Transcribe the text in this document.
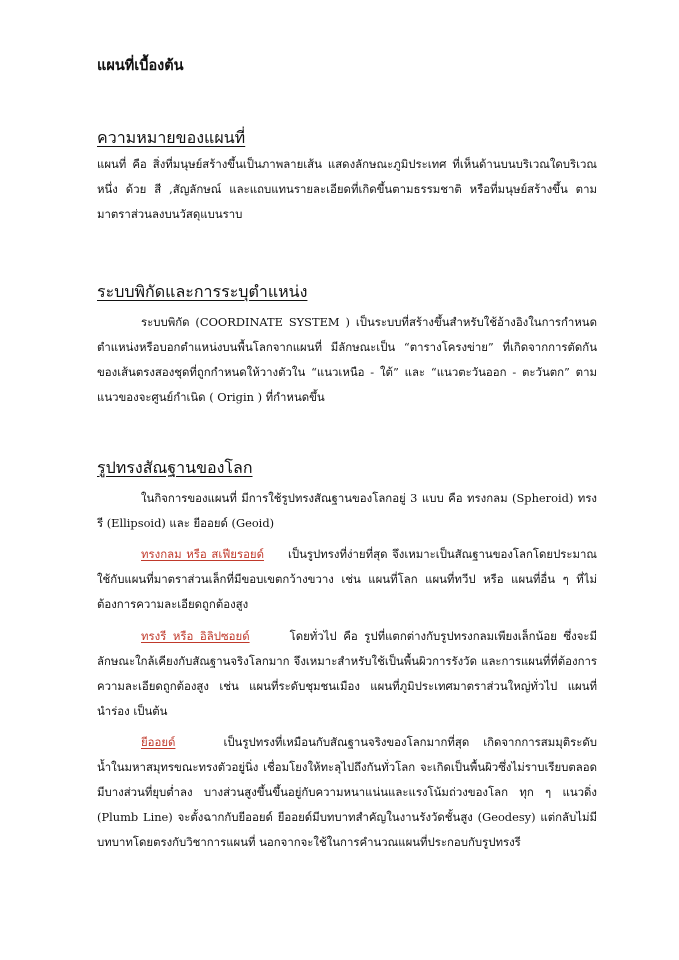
แผนที่เบื้องต้น
ความหมายของแผนที่

แผนที่ คือ สิ่งที่มนุษย์สร้างขึ้นเป็นภาพลายเส้น แสดงลักษณะภูมิประเทศ ที่เห็นด้านบนบริเวณใดบริเวณหนึ่ง ด้วย สี ,สัญลักษณ์ และแถบแทนรายละเอียดที่เกิดขึ้นตามธรรมชาติ หรือที่มนุษย์สร้างขึ้น ตามมาตราส่วนลงบนวัสดุแบนราบ

ระบบพิกัดและการระบุตำแหน่ง

ระบบพิกัด (COORDINATE SYSTEM ) เป็นระบบที่สร้างขึ้นสำหรับใช้อ้างอิงในการกำหนดตำแหน่งหรือบอกตำแหน่งบนพื้นโลกจากแผนที่ มีลักษณะเป็น “ตารางโครงข่าย” ที่เกิดจากการตัดกันของเส้นตรงสองชุดที่ถูกกำหนดให้วางตัวใน “แนวเหนือ - ใต้” และ “แนวตะวันออก - ตะวันตก” ตามแนวของจะศูนย์กำเนิด ( Origin ) ที่กำหนดขึ้น

รูปทรงสัณฐานของโลก

ในกิจการของแผนที่ มีการใช้รูปทรงสัณฐานของโลกอยู่ 3 แบบ คือ ทรงกลม (Spheroid) ทรงรี (Ellipsoid) และ ยีออยด์ (Geoid)

ทรงกลม หรือ สเฟียรอยด์ เป็นรูปทรงที่ง่ายที่สุด จึงเหมาะเป็นสัณฐานของโลกโดยประมาณ ใช้กับแผนที่มาตราส่วนเล็กที่มีขอบเขตกว้างขวาง เช่น แผนที่โลก แผนที่ทวีป หรือ แผนที่อื่น ๆ ที่ไม่ต้องการความละเอียดถูกต้องสูง

ทรงรี หรือ อิลิปซอยด์	โดยทั่วไป คือ รูปที่แตกต่างกับรูปทรงกลมเพียงเล็กน้อย ซึ่งจะมีลักษณะใกล้เคียงกับสัณฐานจริงโลกมาก จึงเหมาะสำหรับใช้เป็นพื้นผิวการรังวัด และการแผนที่ที่ต้องการความละเอียดถูกต้องสูง เช่น แผนที่ระดับชุมชนเมือง แผนที่ภูมิประเทศมาตราส่วนใหญ่ทั่วไป แผนที่นำร่อง เป็นต้น

ยีออยด์	เป็นรูปทรงที่เหมือนกับสัณฐานจริงของโลกมากที่สุด เกิดจากการสมมุติระดับน้ำในมหาสมุทรขณะทรงตัวอยู่นิ่ง เชื่อมโยงให้ทะลุไปถึงกันทั่วโลก จะเกิดเป็นพื้นผิวซึ่งไม่ราบเรียบตลอด มีบางส่วนที่ยุบต่ำลง บางส่วนสูงขึ้นขึ้นอยู่กับความหนาแน่นและแรงโน้มถ่วงของโลก ทุก ๆ แนวดิ่ง (Plumb Line) จะตั้งฉากกับยีออยด์ ยีออยด์มีบทบาทสำคัญในงานรังวัดชั้นสูง (Geodesy) แต่กลับไม่มีบทบาทโดยตรงกับวิชาการแผนที่ นอกจากจะใช้ในการคำนวณแผนที่ประกอบกับรูปทรงรี
